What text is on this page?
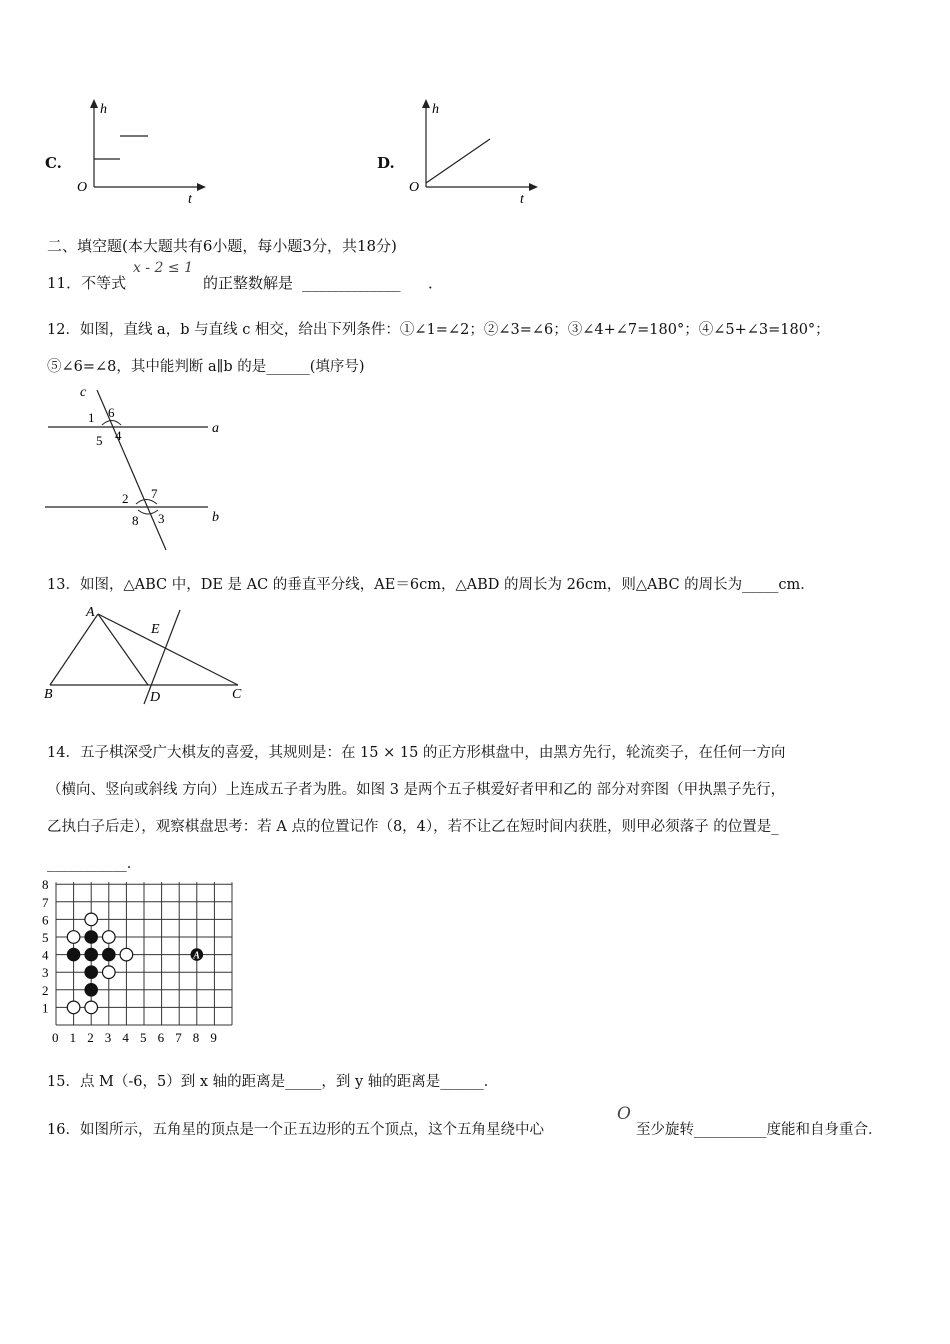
C.
h
t
O
D.
h
t
O
二、填空题(本大题共有6小题，每小题3分，共18分)
11．不等式
x - 2 ≤ 1
的正整数解是 _______________ ．
12．如图，直线 a，b 与直线 c 相交，给出下列条件：①∠1=∠2；②∠3=∠6；③∠4+∠7=180°；④∠5+∠3=180°；
⑤∠6=∠8，其中能判断 a∥b 的是______(填序号)
c
a
b
1 6
5 4
2 7
8 3
13．如图，△ABC 中，DE 是 AC 的垂直平分线，AE＝6cm，△ABD 的周长为 26cm，则△ABC 的周长为_____cm．
A
B	C
D
E
14．五子棋深受广大棋友的喜爱，其规则是：在 15 × 15 的正方形棋盘中，由黑方先行，轮流奕子，在任何一方向
（横向、竖向或斜线 方向）上连成五子者为胜。如图 3 是两个五子棋爱好者甲和乙的 部分对弈图（甲执黑子先行，
乙执白子后走），观察棋盘思考：若 A 点的位置记作（8，4），若不让乙在短时间内获胜，则甲必须落子 的位置是_
___________．
0 1 2 3 4 5 6 7 8 9
1
2
3
4
5
6
7
8
A
15．点 M（-6，5）到 x 轴的距离是_____，到 y 轴的距离是______．
16．如图所示，五角星的顶点是一个正五边形的五个顶点，这个五角星绕中心
O
至少旋转__________度能和自身重合．
